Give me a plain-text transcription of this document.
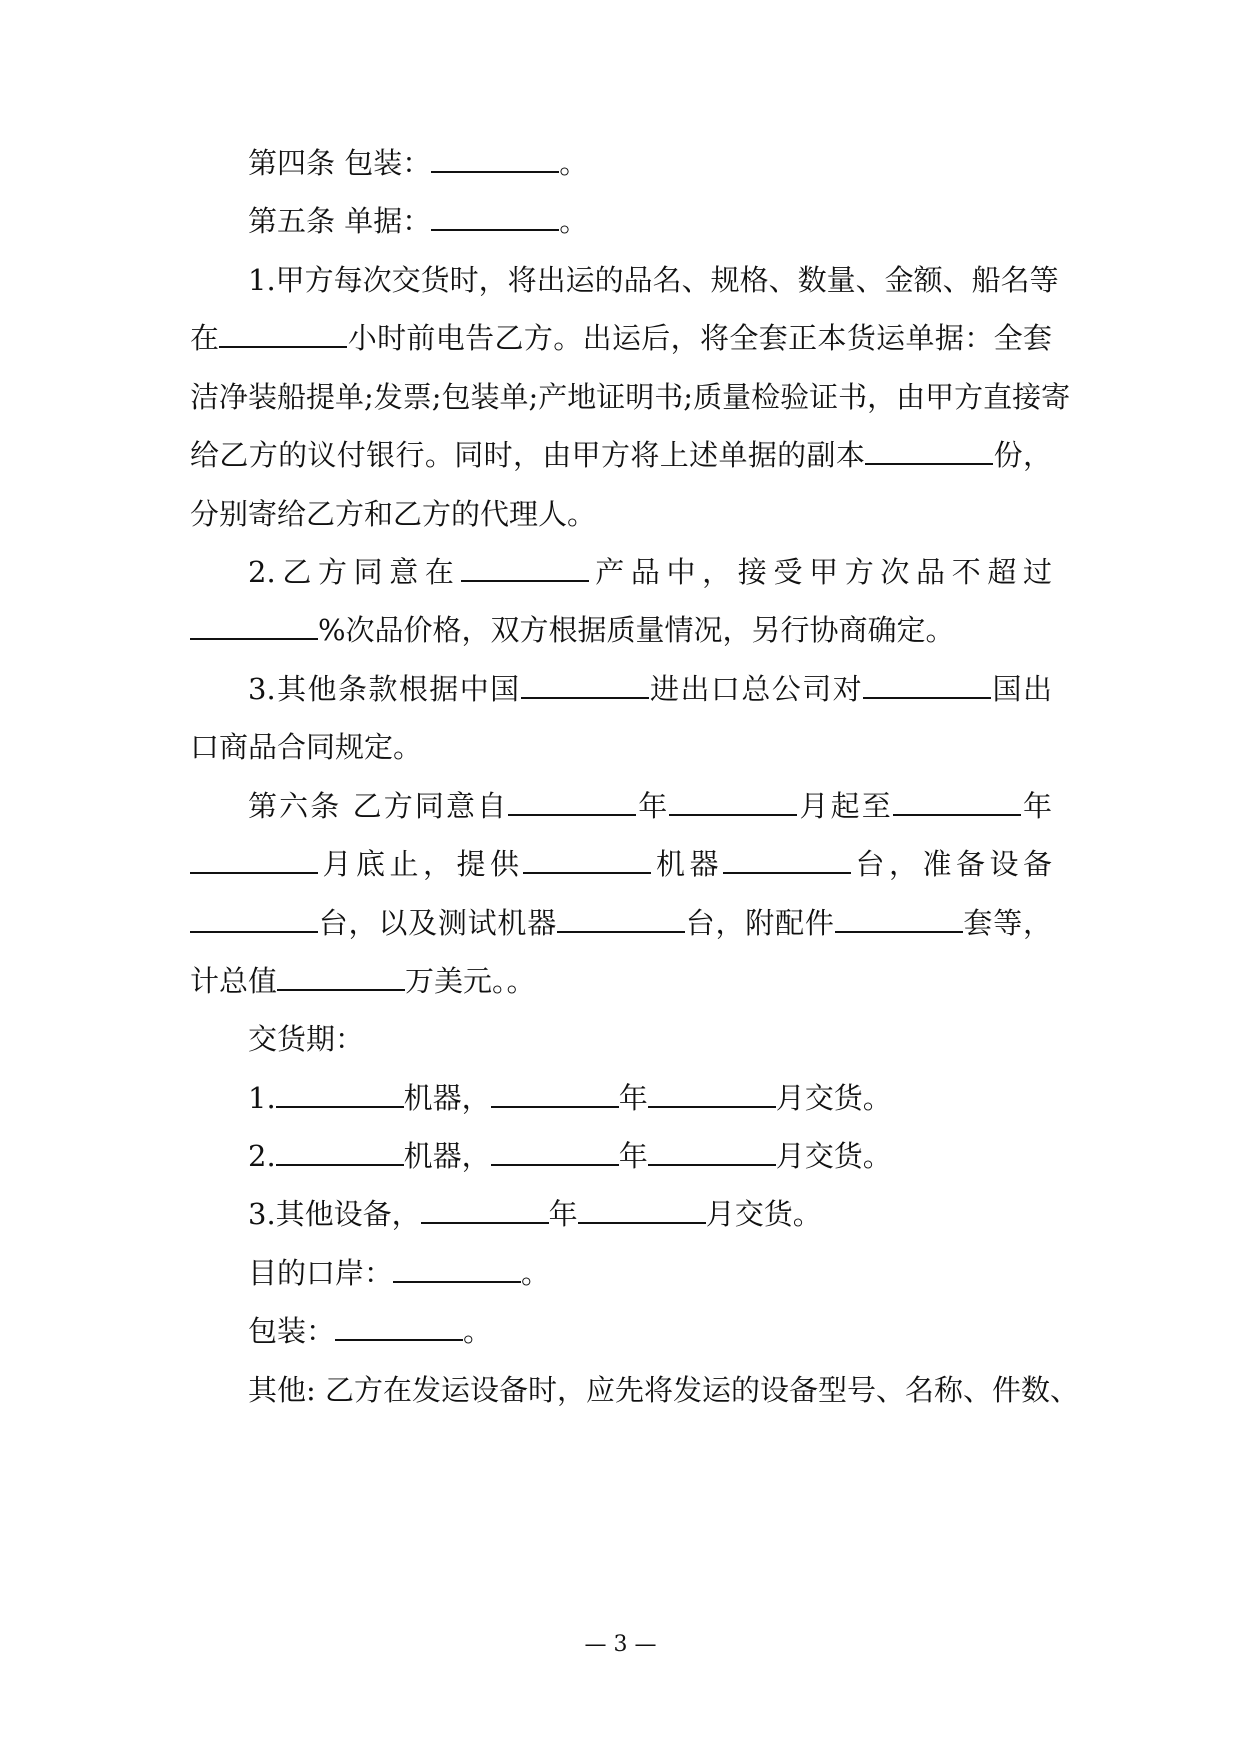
第四条 包装：	。
第五条 单据：	。
1.甲方每次交货时，将出运的品名、规格、数量、金额、船名等
在	小时前电告乙方。出运后，将全套正本货运单据：全套
洁净装船提单;发票;包装单;产地证明书;质量检验证书，由甲方直接寄
给乙方的议付银行。同时，由甲方将上述单据的副本	份，
分别寄给乙方和乙方的代理人。
2.乙方同意在	产品中，接受甲方次品不超过
%次品价格，双方根据质量情况，另行协商确定。
3.其他条款根据中国	进出口总公司对	国出
口商品合同规定。
第六条 乙方同意自	年	月起至	年
月底止，提供	机器	台，准备设备
台，以及测试机器	台，附配件	套等，
计总值	万美元。。
交货期：
1.	机器，	年	月交货。
2.	机器，	年	月交货。
3.其他设备，	年	月交货。
目的口岸：	。
包装：	。
其他: 乙方在发运设备时，应先将发运的设备型号、名称、件数、
— 3 —
